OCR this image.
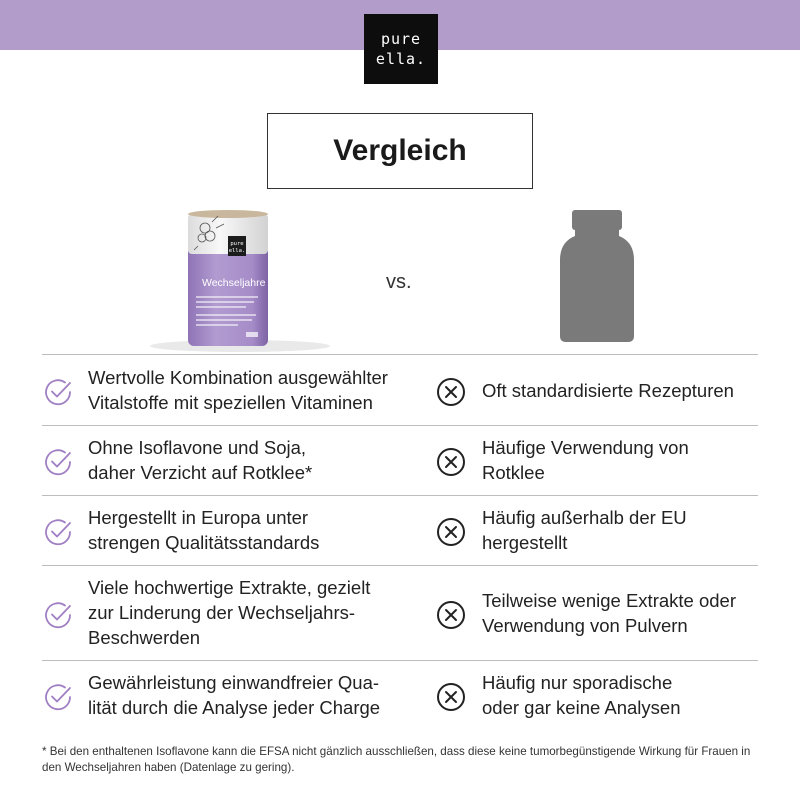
pure
ella.
Vergleich
pure
ella.
Wechseljahre	vs.
Wertvolle Kombination ausgewählter
Vitalstoffe mit speziellen Vitaminen
Oft standardisierte Rezepturen
Ohne Isoflavone und Soja,
daher Verzicht auf Rotklee*
Häufige Verwendung von
Rotklee
Hergestellt in Europa unter
strengen Qualitätsstandards
Häufig außerhalb der EU
hergestellt
Viele hochwertige Extrakte, gezielt
zur Linderung der Wechseljahrs-
Beschwerden
Teilweise wenige Extrakte oder
Verwendung von Pulvern
Gewährleistung einwandfreier Qua-
lität durch die Analyse jeder Charge
Häufig nur sporadische
oder gar keine Analysen
* Bei den enthaltenen Isoflavone kann die EFSA nicht gänzlich ausschließen, dass diese keine tumorbegünstigende Wirkung für Frauen in den Wechseljahren haben (Datenlage zu gering).
